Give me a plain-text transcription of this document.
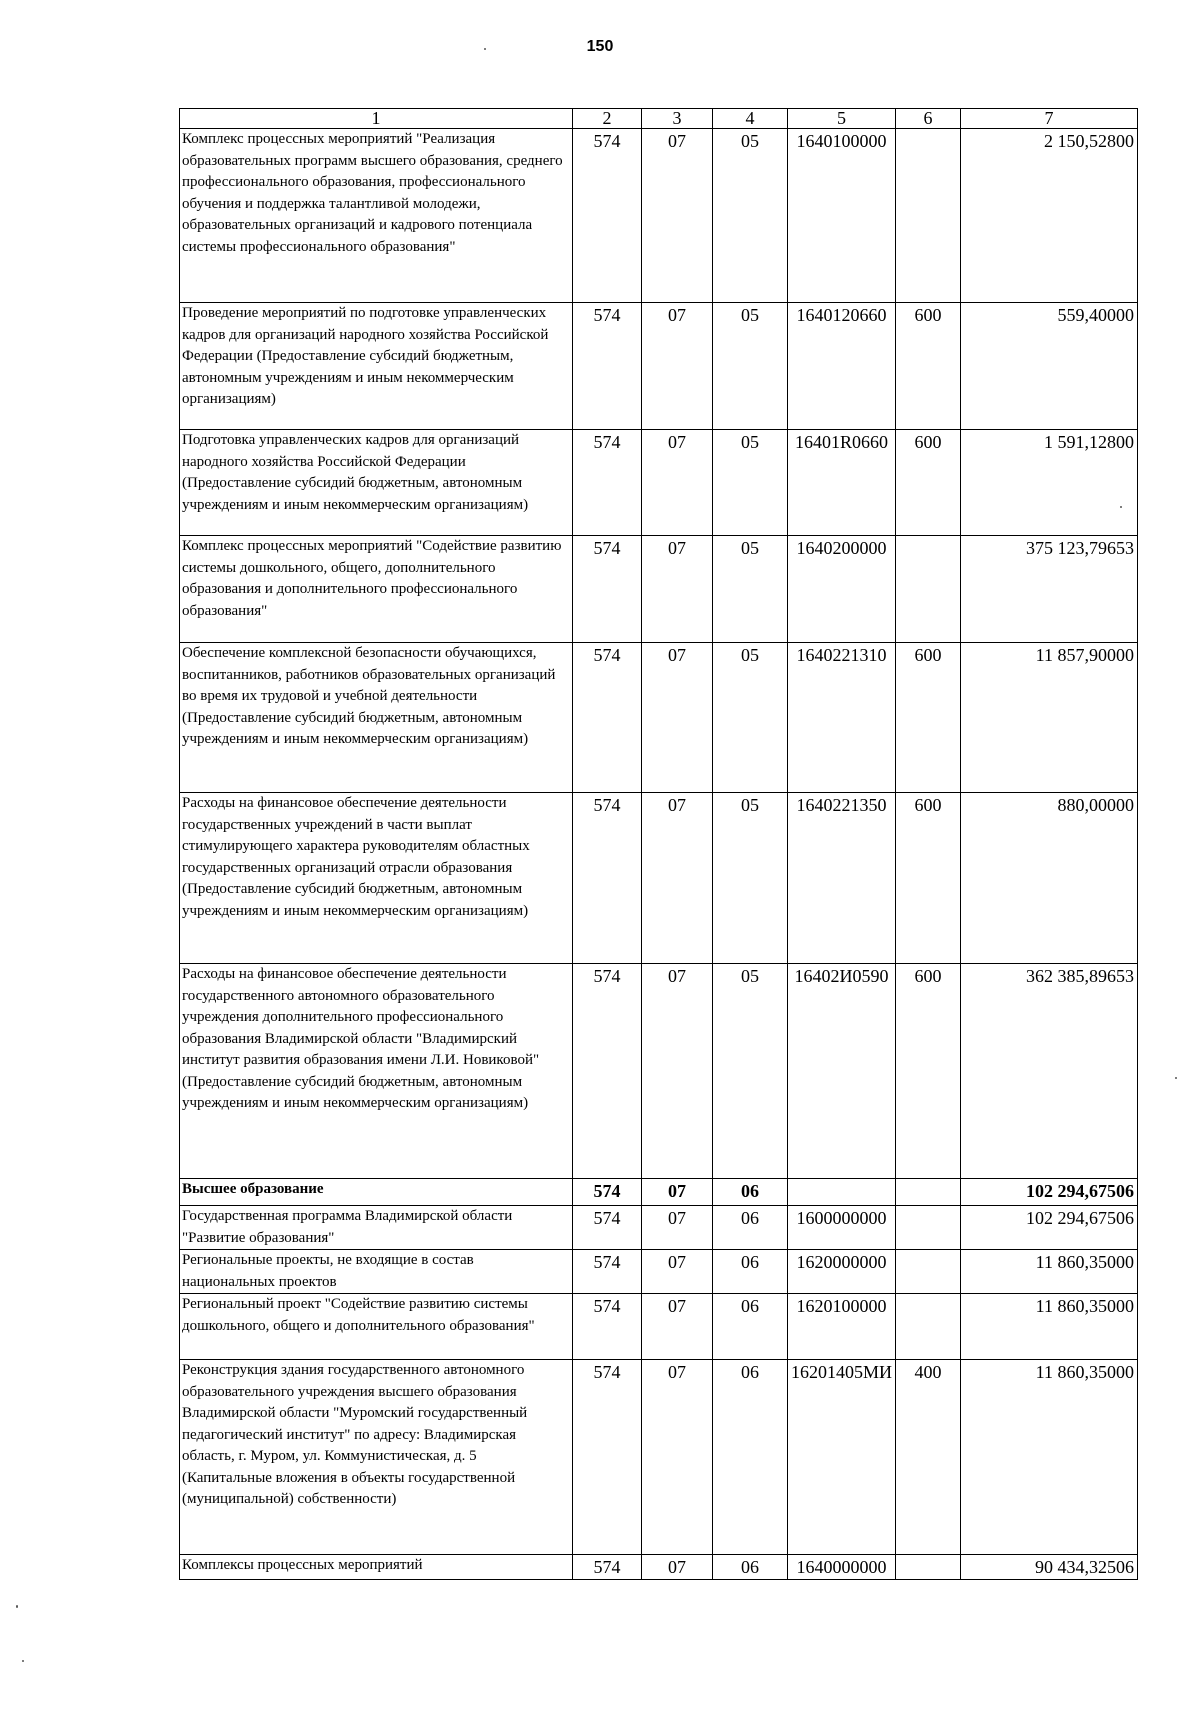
150
1	2	3	4	5	6	7
Комплекс процессных мероприятий "Реализация образовательных программ высшего образования, среднего профессионального образования, профессионального обучения и поддержка талантливой молодежи, образовательных организаций и кадрового потенциала системы профессионального образования"	574	07	05	1640100000		2 150,52800
Проведение мероприятий по подготовке управленческих кадров для организаций народного хозяйства Российской Федерации (Предоставление субсидий бюджетным, автономным учреждениям и иным некоммерческим организациям)	574	07	05	1640120660	600	559,40000
Подготовка управленческих кадров для организаций народного хозяйства Российской Федерации (Предоставление субсидий бюджетным, автономным учреждениям и иным некоммерческим организациям)	574	07	05	16401R0660	600	1 591,12800
Комплекс процессных мероприятий "Содействие развитию системы дошкольного, общего, дополнительного образования и дополнительного профессионального образования"	574	07	05	1640200000		375 123,79653
Обеспечение комплексной безопасности обучающихся, воспитанников, работников образовательных организаций во время их трудовой и учебной деятельности (Предоставление субсидий бюджетным, автономным учреждениям и иным некоммерческим организациям)	574	07	05	1640221310	600	11 857,90000
Расходы на финансовое обеспечение деятельности государственных учреждений в части выплат стимулирующего характера руководителям областных государственных организаций отрасли образования (Предоставление субсидий бюджетным, автономным учреждениям и иным некоммерческим организациям)	574	07	05	1640221350	600	880,00000
Расходы на финансовое обеспечение деятельности государственного автономного образовательного учреждения дополнительного профессионального образования Владимирской области "Владимирский институт развития образования имени Л.И. Новиковой" (Предоставление субсидий бюджетным, автономным учреждениям и иным некоммерческим организациям)	574	07	05	16402И0590	600	362 385,89653
Высшее образование	574	07	06			102 294,67506
Государственная программа Владимирской области "Развитие образования"	574	07	06	1600000000		102 294,67506
Региональные проекты, не входящие в состав национальных проектов	574	07	06	1620000000		11 860,35000
Региональный проект "Содействие развитию системы дошкольного, общего и дополнительного образования"	574	07	06	1620100000		11 860,35000
Реконструкция здания государственного автономного образовательного учреждения высшего образования Владимирской области "Муромский государственный педагогический институт" по адресу: Владимирская область, г. Муром, ул. Коммунистическая, д. 5 (Капитальные вложения в объекты государственной (муниципальной) собственности)	574	07	06	16201405МИ	400	11 860,35000
Комплексы процессных мероприятий	574	07	06	1640000000		90 434,32506
